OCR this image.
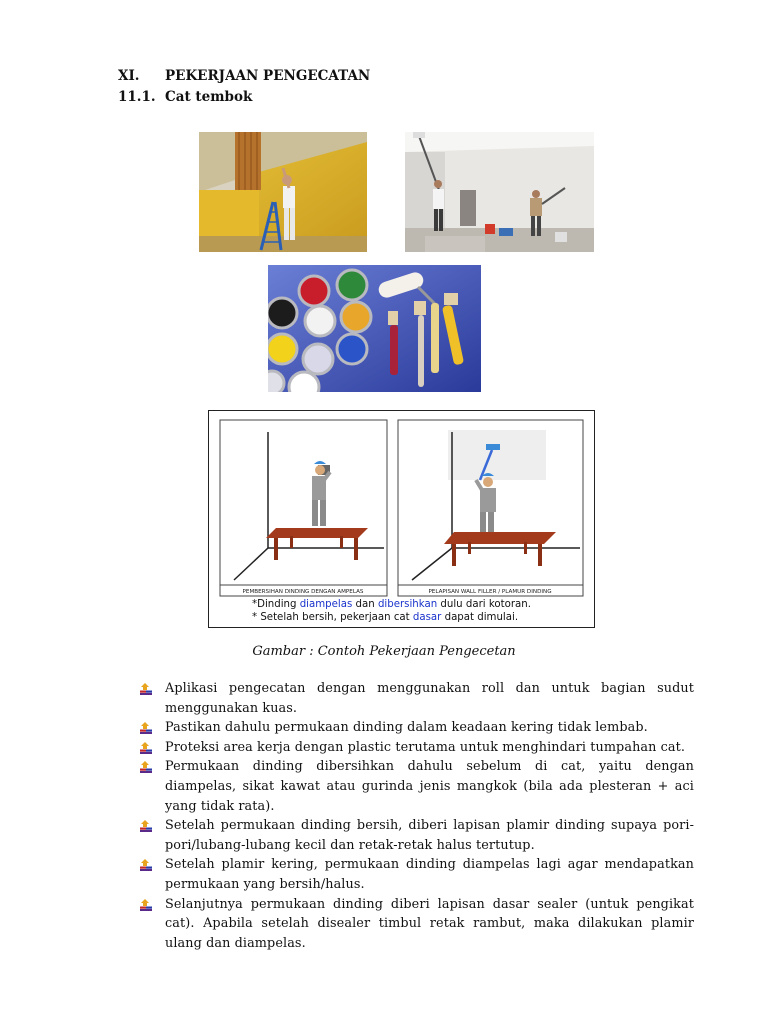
XI. PEKERJAAN PENGECATAN
11.1. Cat tembok
PEMBERSIHAN DINDING DENGAN AMPELAS	PELAPISAN WALL FILLER / PLAMUR DINDING
*Dinding diampelas dan dibersihkan dulu dari kotoran.
* Setelah bersih, pekerjaan cat dasar dapat dimulai.
Gambar : Contoh Pekerjaan Pengecetan
Aplikasi pengecatan dengan menggunakan roll dan untuk bagian sudut menggunakan kuas.
Pastikan dahulu permukaan dinding dalam keadaan kering tidak lembab.
Proteksi area kerja dengan plastic terutama untuk menghindari tumpahan cat.
Permukaan dinding dibersihkan dahulu sebelum di cat, yaitu dengan diampelas, sikat kawat atau gurinda jenis mangkok (bila ada plesteran + aci yang tidak rata).
Setelah permukaan dinding bersih, diberi lapisan plamir dinding supaya pori-pori/lubang-lubang kecil dan retak-retak halus tertutup.
Setelah plamir kering, permukaan dinding diampelas lagi agar mendapatkan permukaan yang bersih/halus.
Selanjutnya permukaan dinding diberi lapisan dasar sealer (untuk pengikat cat). Apabila setelah disealer timbul retak rambut, maka dilakukan plamir ulang dan diampelas.
